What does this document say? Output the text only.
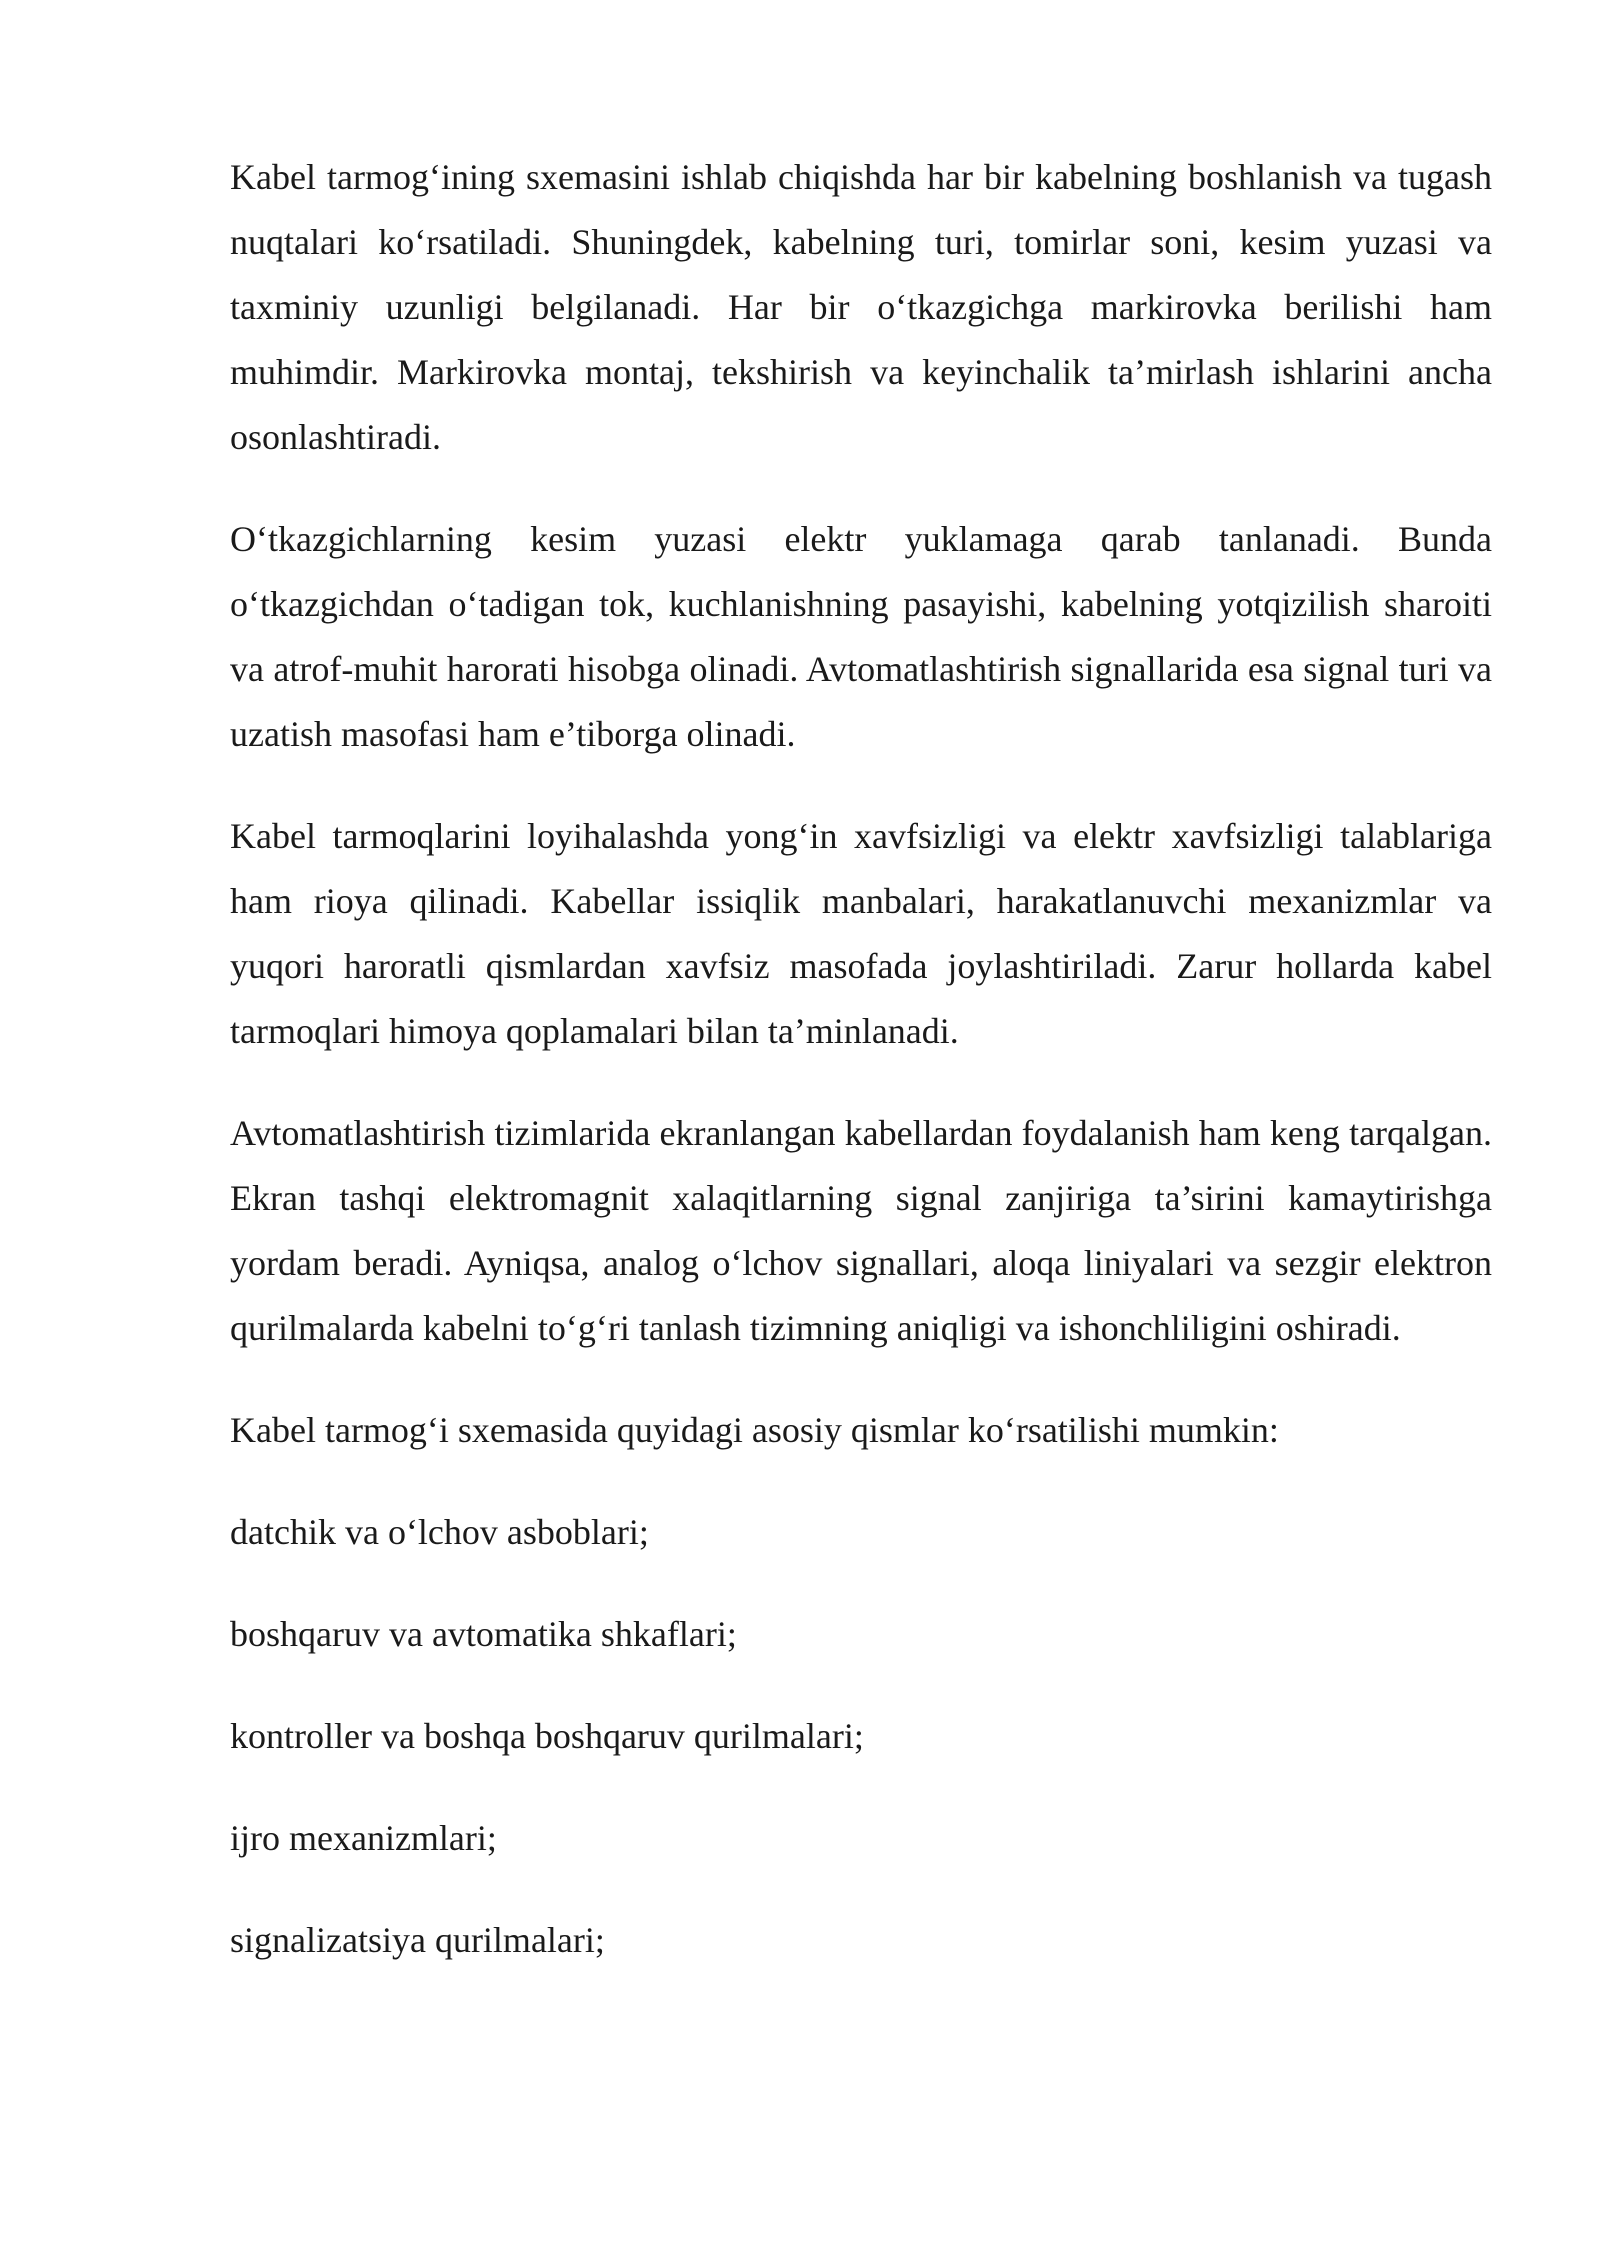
Kabel tarmog‘ining sxemasini ishlab chiqishda har bir kabelning boshlanish va tugash nuqtalari ko‘rsatiladi. Shuningdek, kabelning turi, tomirlar soni, kesim yuzasi va taxminiy uzunligi belgilanadi. Har bir o‘tkazgichga markirovka berilishi ham muhimdir. Markirovka montaj, tekshirish va keyinchalik ta’mirlash ishlarini ancha osonlashtiradi.

O‘tkazgichlarning kesim yuzasi elektr yuklamaga qarab tanlanadi. Bunda o‘tkazgichdan o‘tadigan tok, kuchlanishning pasayishi, kabelning yotqizilish sharoiti va atrof-muhit harorati hisobga olinadi. Avtomatlashtirish signallarida esa signal turi va uzatish masofasi ham e’tiborga olinadi.

Kabel tarmoqlarini loyihalashda yong‘in xavfsizligi va elektr xavfsizligi talablariga ham rioya qilinadi. Kabellar issiqlik manbalari, harakatlanuvchi mexanizmlar va yuqori haroratli qismlardan xavfsiz masofada joylashtiriladi. Zarur hollarda kabel tarmoqlari himoya qoplamalari bilan ta’minlanadi.

Avtomatlashtirish tizimlarida ekranlangan kabellardan foydalanish ham keng tarqalgan. Ekran tashqi elektromagnit xalaqitlarning signal zanjiriga ta’sirini kamaytirishga yordam beradi. Ayniqsa, analog o‘lchov signallari, aloqa liniyalari va sezgir elektron qurilmalarda kabelni to‘g‘ri tanlash tizimning aniqligi va ishonchliligini oshiradi.

Kabel tarmog‘i sxemasida quyidagi asosiy qismlar ko‘rsatilishi mumkin:

datchik va o‘lchov asboblari;

boshqaruv va avtomatika shkaflari;

kontroller va boshqa boshqaruv qurilmalari;

ijro mexanizmlari;

signalizatsiya qurilmalari;
